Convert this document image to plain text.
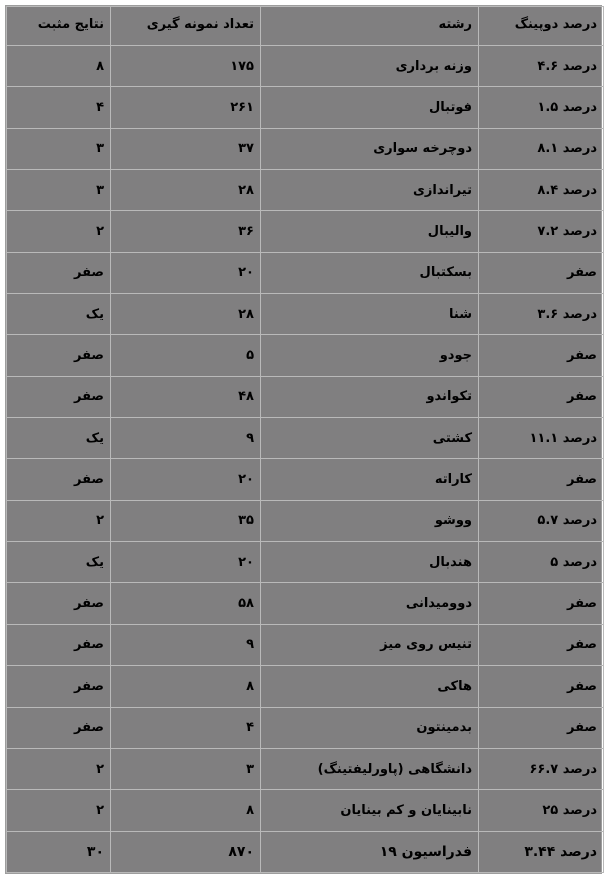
درصد دوپینگ	رشته	تعداد نمونه گیری	نتایج مثبت
درصد ۴.۶	وزنه برداری	۱۷۵	۸
درصد ۱.۵	فوتبال	۲۶۱	۴
درصد ۸.۱	دوچرخه سواری	۳۷	۳
درصد ۸.۴	تیراندازی	۲۸	۳
درصد ۷.۲	والیبال	۳۶	۲
صفر	بسکتبال	۲۰	صفر
درصد ۳.۶	شنا	۲۸	یک
صفر	جودو	۵	صفر
صفر	تکواندو	۴۸	صفر
درصد ۱۱.۱	کشتی	۹	یک
صفر	کاراته	۲۰	صفر
درصد ۵.۷	ووشو	۳۵	۲
درصد ۵	هندبال	۲۰	یک
صفر	دوومیدانی	۵۸	صفر
صفر	تنیس روی میز	۹	صفر
صفر	هاکی	۸	صفر
صفر	بدمینتون	۴	صفر
درصد ۶۶.۷	دانشگاهی (پاورلیفتینگ)	۳	۲
درصد ۲۵	نابینایان و کم بینایان	۸	۲
درصد ۳.۴۴	فدراسیون ۱۹	۸۷۰	۳۰
